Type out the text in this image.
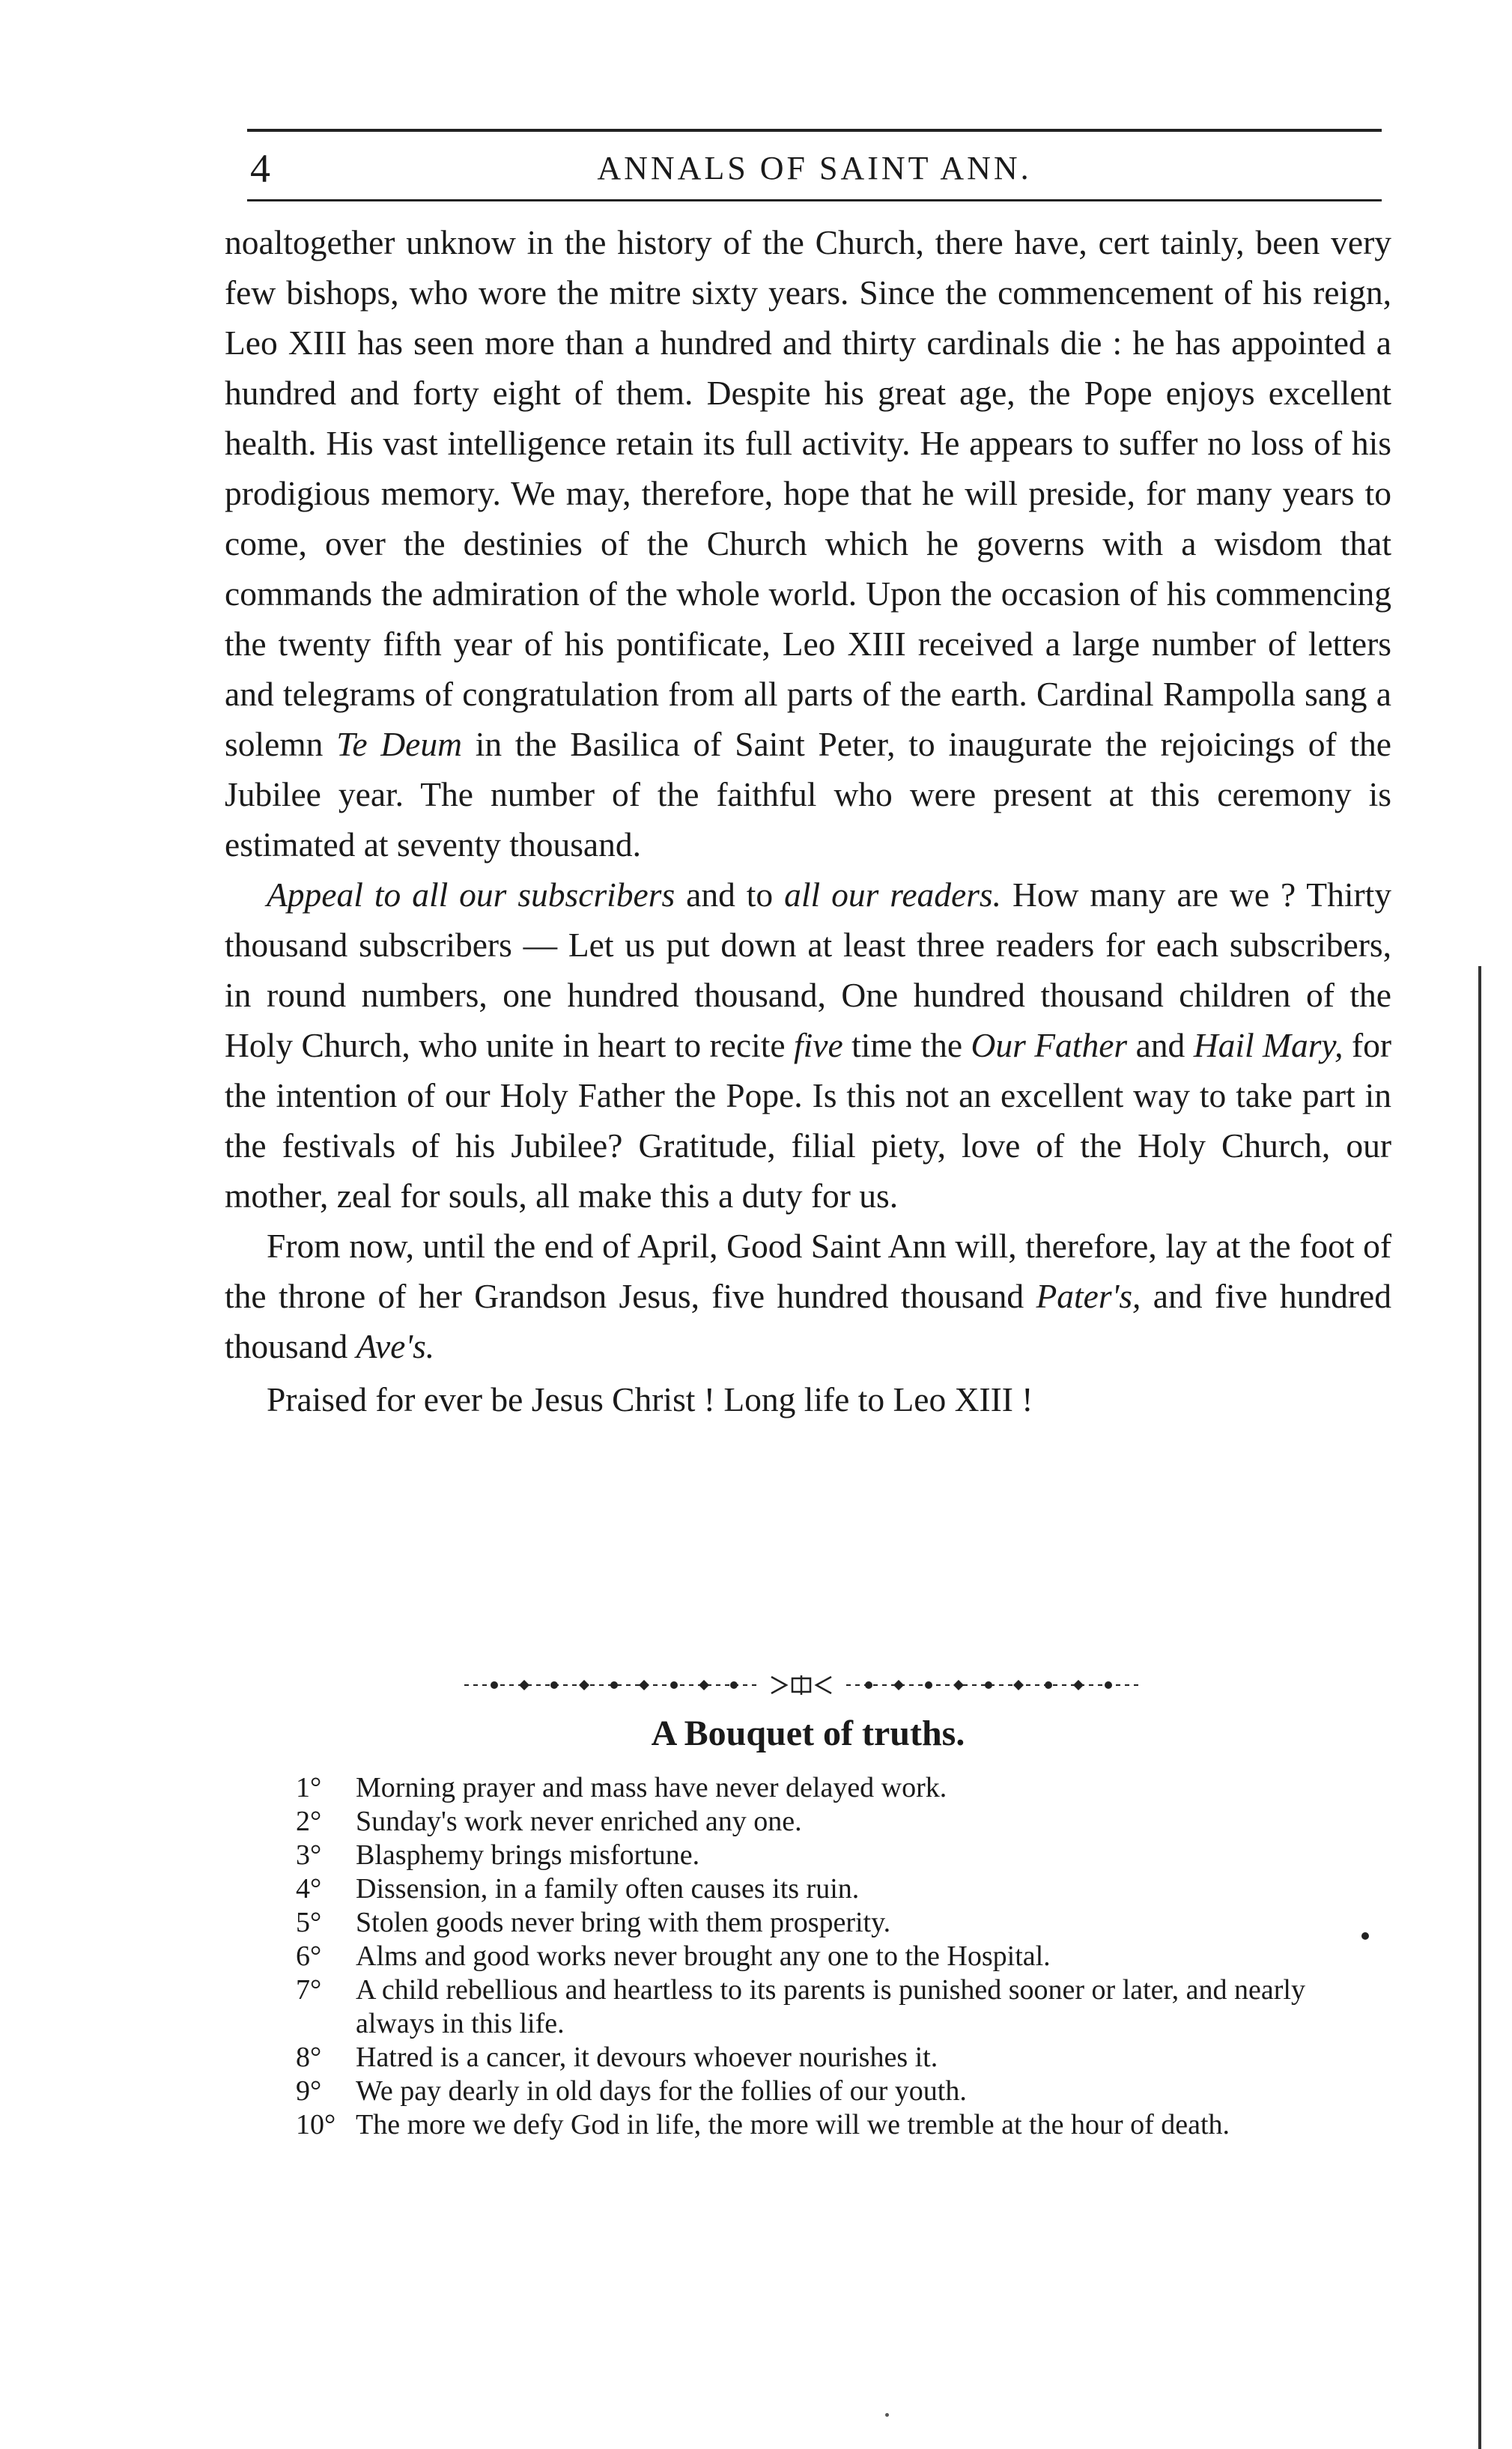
4	ANNALS OF SAINT ANN.

noaltogether unknow in the history of the Church, there have, cert tainly, been very few bishops, who wore the mitre sixty years. Since the commencement of his reign, Leo XIII has seen more than a hundred and thirty cardinals die : he has appointed a hundred and forty eight of them. Despite his great age, the Pope enjoys excellent health. His vast intelligence retain its full activity. He appears to suffer no loss of his prodigious memory. We may, therefore, hope that he will preside, for many years to come, over the destinies of the Church which he governs with a wisdom that commands the admiration of the whole world. Upon the occasion of his commencing the twenty fifth year of his pontificate, Leo XIII received a large number of letters and telegrams of congratulation from all parts of the earth. Cardinal Rampolla sang a solemn Te Deum in the Basilica of Saint Peter, to inaugurate the rejoicings of the Jubilee year. The number of the faithful who were present at this ceremony is estimated at seventy thousand.

Appeal to all our subscribers and to all our readers. How many are we ? Thirty thousand subscribers — Let us put down at least three readers for each subscribers, in round numbers, one hundred thousand, One hundred thousand children of the Holy Church, who unite in heart to recite five time the Our Father and Hail Mary, for the intention of our Holy Father the Pope. Is this not an excellent way to take part in the festivals of his Jubilee? Gratitude, filial piety, love of the Holy Church, our mother, zeal for souls, all make this a duty for us.

From now, until the end of April, Good Saint Ann will, therefore, lay at the foot of the throne of her Grandson Jesus, five hundred thousand Pater's, and five hundred thousand Ave's.

Praised for ever be Jesus Christ ! Long life to Leo XIII !

A Bouquet of truths.
1°	Morning prayer and mass have never delayed work.
2°	Sunday's work never enriched any one.
3°	Blasphemy brings misfortune.
4°	Dissension, in a family often causes its ruin.
5°	Stolen goods never bring with them prosperity.
6°	Alms and good works never brought any one to the Hospital.
7°	A child rebellious and heartless to its parents is punished sooner or later, and nearly always in this life.
8°	Hatred is a cancer, it devours whoever nourishes it.
9°	We pay dearly in old days for the follies of our youth.
10° The more we defy God in life, the more will we tremble at the hour of death.
